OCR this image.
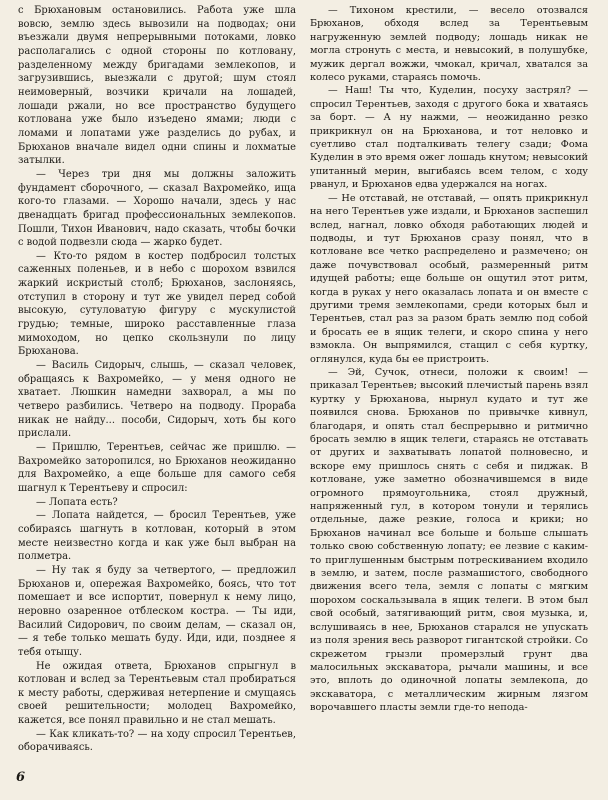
с Брюхановым остановились. Работа уже шла вовсю, землю здесь вывозили на подводах; они въезжали двумя непрерывными потоками, ловко располагались с одной стороны по котловану, разделенному между бригадами землекопов, и загрузившись, выезжали с другой; шум стоял неимоверный, возчики кричали на лошадей, лошади ржали, но все пространство будущего котлована уже было изъедено ямами; люди с ломами и лопатами уже разделись до рубах, и Брюханов вначале видел одни спины и лохматые затылки.

— Через три дня мы должны заложить фундамент сборочного, — сказал Вахромейко, ища кого-то глазами. — Хорошо начали, здесь у нас двенадцать бригад профессиональных землекопов. Пошли, Тихон Иванович, надо сказать, чтобы бочки с водой подвезли сюда — жарко будет.

— Кто-то рядом в костер подбросил толстых саженных поленьев, и в небо с шорохом взвился жаркий искристый столб; Брюханов, заслоняясь, отступил в сторону и тут же увидел перед собой высокую, сутуловатую фигуру с мускулистой грудью; темные, широко расставленные глаза мимоходом, но цепко скользнули по лицу Брюханова.

— Василь Сидорыч, слышь, — сказал человек, обращаясь к Вахромейко, — у меня одного не хватает. Люшкин намедни захворал, а мы по четверо разбились. Четверо на подводу. Прораба никак не найду... пособи, Сидорыч, хоть бы кого прислали.

— Пришлю, Терентьев, сейчас же пришлю. — Вахромейко заторопился, но Брюханов неожиданно для Вахромейко, а еще больше для самого себя шагнул к Терентьеву и спросил:

— Лопата есть?

— Лопата найдется, — бросил Терентьев, уже собираясь шагнуть в котлован, который в этом месте неизвестно когда и как уже был выбран на полметра.

— Ну так я буду за четвертого, — предложил Брюханов и, опережая Вахромейко, боясь, что тот помешает и все испортит, повернул к нему лицо, неровно озаренное отблеском костра. — Ты иди, Василий Сидорович, по своим делам, — сказал он, — я тебе только мешать буду. Иди, иди, позднее я тебя отыщу.

Не ожидая ответа, Брюханов спрыгнул в котлован и вслед за Терентьевым стал пробираться к месту работы, сдерживая нетерпение и смущаясь своей решительности; молодец Вахромейко, кажется, все понял правильно и не стал мешать.

— Как кликать-то? — на ходу спросил Терентьев, оборачиваясь.

— Тихоном крестили, — весело отозвался Брюханов, обходя вслед за Терентьевым нагруженную землей подводу; лошадь никак не могла стронуть с места, и невысокий, в полушубке, мужик дергал вожжи, чмокал, кричал, хватался за колесо руками, стараясь помочь.

— Наш! Ты что, Куделин, посуху застрял? — спросил Терентьев, заходя с другого бока и хватаясь за борт. — А ну нажми, — неожиданно резко прикрикнул он на Брюханова, и тот неловко и суетливо стал подталкивать телегу сзади; Фома Куделин в это время ожег лошадь кнутом; невысокий упитанный мерин, выгибаясь всем телом, с ходу рванул, и Брюханов едва удержался на ногах.

— Не отставай, не отставай, — опять прикрикнул на него Терентьев уже издали, и Брюханов заспешил вслед, нагнал, ловко обходя работающих людей и подводы, и тут Брюханов сразу понял, что в котловане все четко распределено и размечено; он даже почувствовал особый, размеренный ритм идущей работы; еще больше он ощутил этот ритм, когда в руках у него оказалась лопата и он вместе с другими тремя землекопами, среди которых был и Терентьев, стал раз за разом брать землю под собой и бросать ее в ящик телеги, и скоро спина у него взмокла. Он выпрямился, стащил с себя куртку, оглянулся, куда бы ее пристроить.

— Эй, Сучок, отнеси, положи к своим! — приказал Терентьев; высокий плечистый парень взял куртку у Брюханова, нырнул кудато и тут же появился снова. Брюханов по привычке кивнул, благодаря, и опять стал беспрерывно и ритмично бросать землю в ящик телеги, стараясь не отставать от других и захватывать лопатой полновесно, и вскоре ему пришлось снять с себя и пиджак. В котловане, уже заметно обозначившемся в виде огромного прямоугольника, стоял дружный, напряженный гул, в котором тонули и терялись отдельные, даже резкие, голоса и крики; но Брюханов начинал все больше и больше слышать только свою собственную лопату; ее лезвие с каким-то приглушенным быстрым потрескиванием входило в землю, и затем, после размашистого, свободного движения всего тела, земля с лопаты с мягким шорохом соскальзывала в ящик телеги. В этом был свой особый, затягивающий ритм, своя музыка, и, вслушиваясь в нее, Брюханов старался не упускать из поля зрения весь разворот гигантской стройки. Со скрежетом грызли промерзлый грунт два малосильных экскаватора, рычали машины, и все это, вплоть до одиночной лопаты землекопа, до экскаватора, с металлическим жирным лязгом ворочавшего пласты земли где-то непода-

6
